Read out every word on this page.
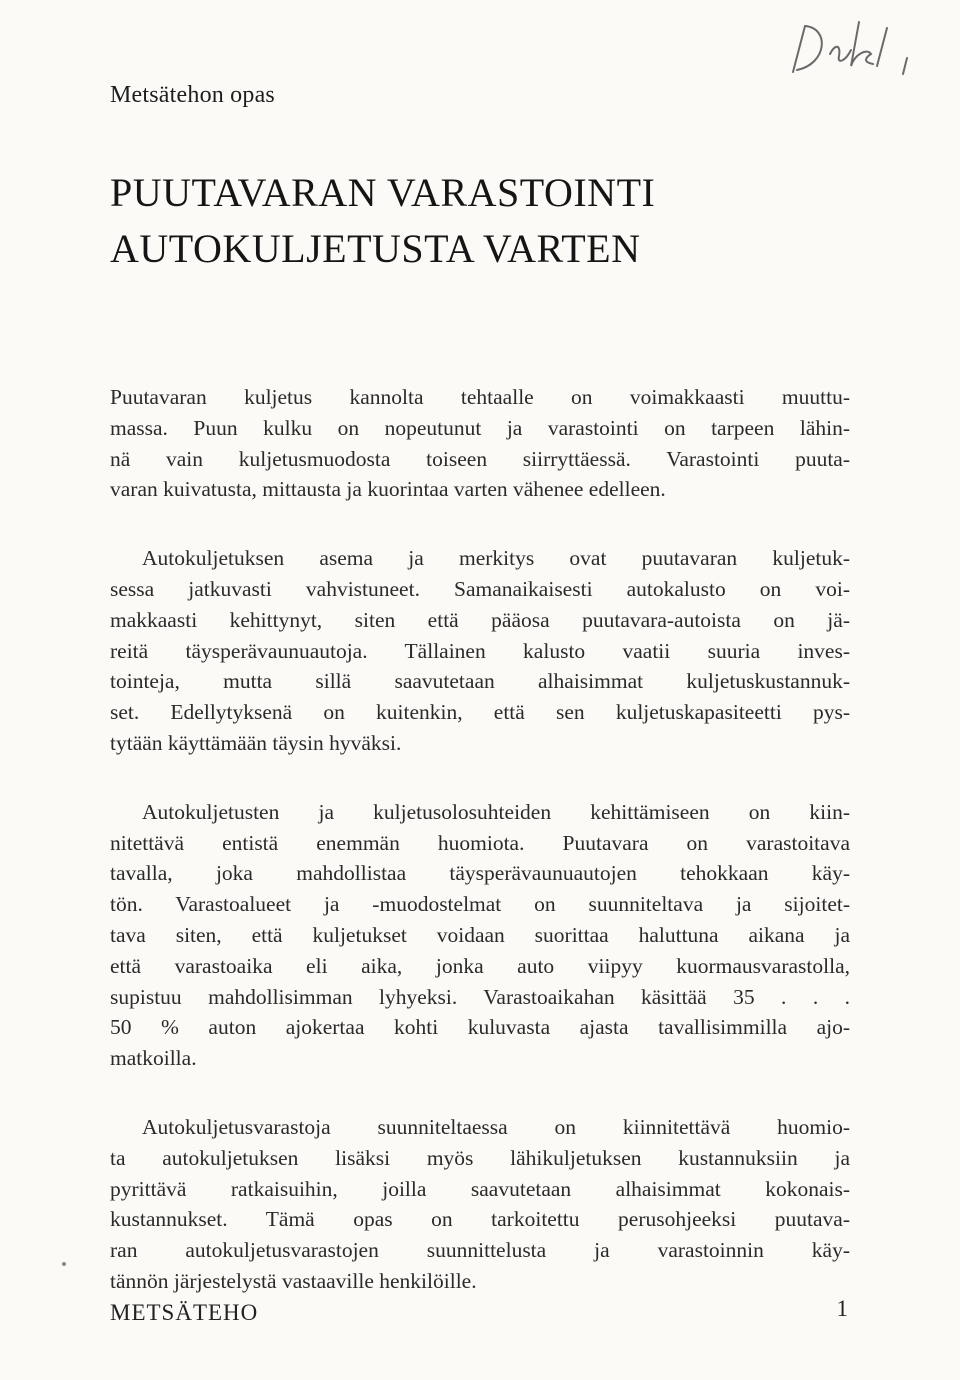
Metsätehon opas
PUUTAVARAN VARASTOINTI
AUTOKULJETUSTA VARTEN

Puutavaran kuljetus kannolta tehtaalle on voimakkaasti muuttu-
massa. Puun kulku on nopeutunut ja varastointi on tarpeen lähin-
nä vain kuljetusmuodosta toiseen siirryttäessä. Varastointi puuta-
varan kuivatusta, mittausta ja kuorintaa varten vähenee edelleen.

Autokuljetuksen asema ja merkitys ovat puutavaran kuljetuk-
sessa jatkuvasti vahvistuneet. Samanaikaisesti autokalusto on voi-
makkaasti kehittynyt, siten että pääosa puutavara-autoista on jä-
reitä täysperävaunuautoja. Tällainen kalusto vaatii suuria inves-
tointeja, mutta sillä saavutetaan alhaisimmat kuljetuskustannuk-
set. Edellytyksenä on kuitenkin, että sen kuljetuskapasiteetti pys-
tytään käyttämään täysin hyväksi.

Autokuljetusten ja kuljetusolosuhteiden kehittämiseen on kiin-
nitettävä entistä enemmän huomiota. Puutavara on varastoitava
tavalla, joka mahdollistaa täysperävaunuautojen tehokkaan käy-
tön. Varastoalueet ja -muodostelmat on suunniteltava ja sijoitet-
tava siten, että kuljetukset voidaan suorittaa haluttuna aikana ja
että varastoaika eli aika, jonka auto viipyy kuormausvarastolla,
supistuu mahdollisimman lyhyeksi. Varastoaikahan käsittää 35 . . .
50 % auton ajokertaa kohti kuluvasta ajasta tavallisimmilla ajo-
matkoilla.

Autokuljetusvarastoja suunniteltaessa on kiinnitettävä huomio-
ta autokuljetuksen lisäksi myös lähikuljetuksen kustannuksiin ja
pyrittävä ratkaisuihin, joilla saavutetaan alhaisimmat kokonais-
kustannukset. Tämä opas on tarkoitettu perusohjeeksi puutava-
ran autokuljetusvarastojen suunnittelusta ja varastoinnin käy-
tännön järjestelystä vastaaville henkilöille.

METSÄTEHO	1
